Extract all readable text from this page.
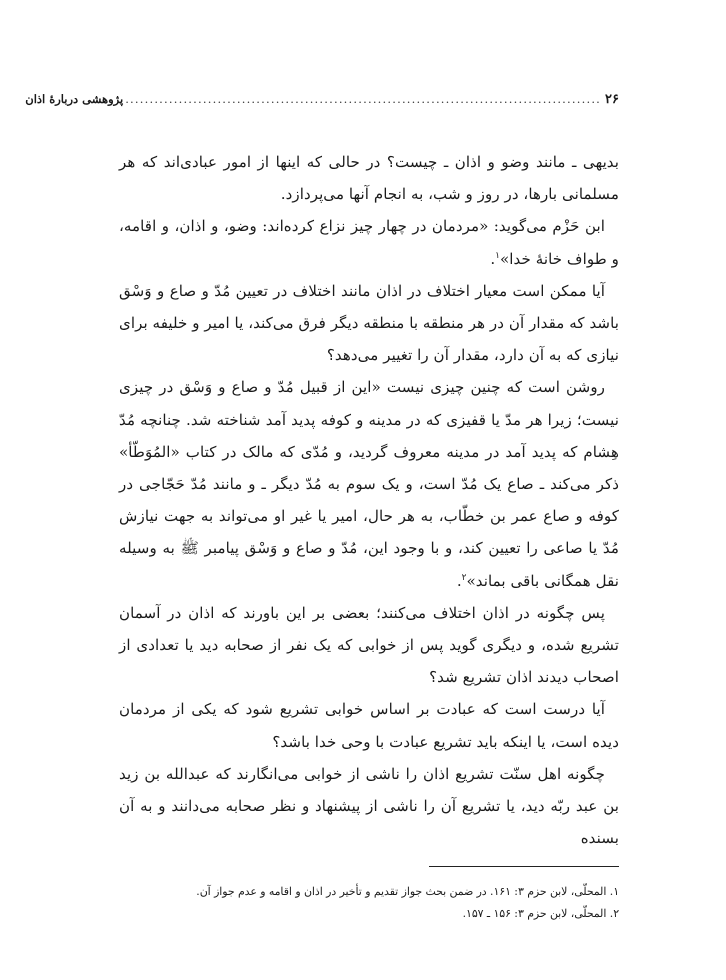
۲۶
..................................................................................................
پژوهشی دربارهٔ اذان

بدیهی ـ مانند وضو و اذان ـ چیست؟ در حالی که اینها از امور عبادی‌اند که هر مسلمانی بارها، در روز و شب، به انجام آنها می‌پردازد.

ابن حَزْم می‌گوید: «مردمان در چهار چیز نزاع کرده‌اند: وضو، و اذان، و اقامه، و طواف خانهٔ خدا»$^۱$.

آیا ممکن است معیار اختلاف در اذان مانند اختلاف در تعیین مُدّ و صاع و وَسْق باشد که مقدار آن در هر منطقه با منطقه دیگر فرق می‌کند، یا امیر و خلیفه برای نیازی که به آن دارد، مقدار آن را تغییر می‌دهد؟

روشن است که چنین چیزی نیست «این از قبیل مُدّ و صاع و وَسْق در چیزی نیست؛ زیرا هر مدّ یا قفیزی که در مدینه و کوفه پدید آمد شناخته شد. چنانچه مُدّ هِشام که پدید آمد در مدینه معروف گردید، و مُدّی که مالک در کتاب «المُوَطّأ» ذکر می‌کند ـ صاع یک مُدّ است، و یک سوم به مُدّ دیگر ـ و مانند مُدّ حَجّاجی در کوفه و صاع عمر بن خطّاب، به هر حال، امیر یا غیر او می‌تواند به جهت نیازش مُدّ یا صاعی را تعیین کند، و با وجود این، مُدّ و صاع و وَسْق پیامبر ﷺ به وسیله نقل همگانی باقی بماند»$^۲$.

پس چگونه در اذان اختلاف می‌کنند؛ بعضی بر این باورند که اذان در آسمان تشریع شده، و دیگری گوید پس از خوابی که یک نفر از صحابه دید یا تعدادی از اصحاب دیدند اذان تشریع شد؟

آیا درست است که عبادت بر اساس خوابی تشریع شود که یکی از مردمان دیده است، یا اینکه باید تشریع عبادت با وحی خدا باشد؟

چگونه اهل سنّت تشریع اذان را ناشی از خوابی می‌انگارند که عبدالله بن زید بن عبد ربّه دید، یا تشریع آن را ناشی از پیشنهاد و نظر صحابه می‌دانند و به آن بسنده

۱. المحلّی، لابن حزم ۳: ۱۶۱. در ضمن بحث جواز تقدیم و تأخیر در اذان و اقامه و عدم جواز آن.

۲. المحلّی، لابن حزم ۳: ۱۵۶ ـ ۱۵۷.
